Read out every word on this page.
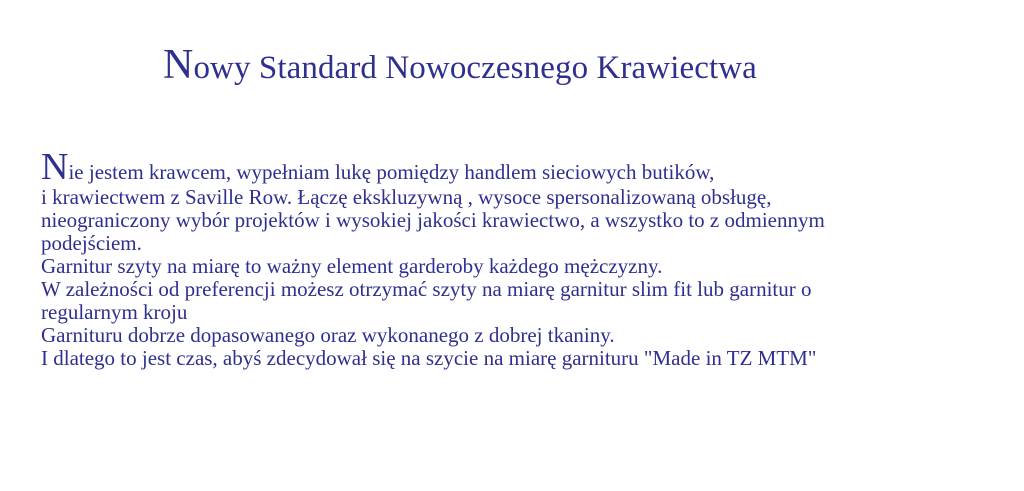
Nowy Standard Nowoczesnego Krawiectwa

Nie jestem krawcem, wypełniam lukę pomiędzy handlem sieciowych butików,

i krawiectwem z Saville Row. Łączę ekskluzywną , wysoce spersonalizowaną obsługę,

nieograniczony wybór projektów i wysokiej jakości krawiectwo, a wszystko to z odmiennym

podejściem.

Garnitur szyty na miarę to ważny element garderoby każdego mężczyzny.

W zależności od preferencji możesz otrzymać szyty na miarę garnitur slim fit lub garnitur o

regularnym kroju

Garnituru dobrze dopasowanego oraz wykonanego z dobrej tkaniny.

I dlatego to jest czas, abyś zdecydował się na szycie na miarę garnituru "Made in TZ MTM"
